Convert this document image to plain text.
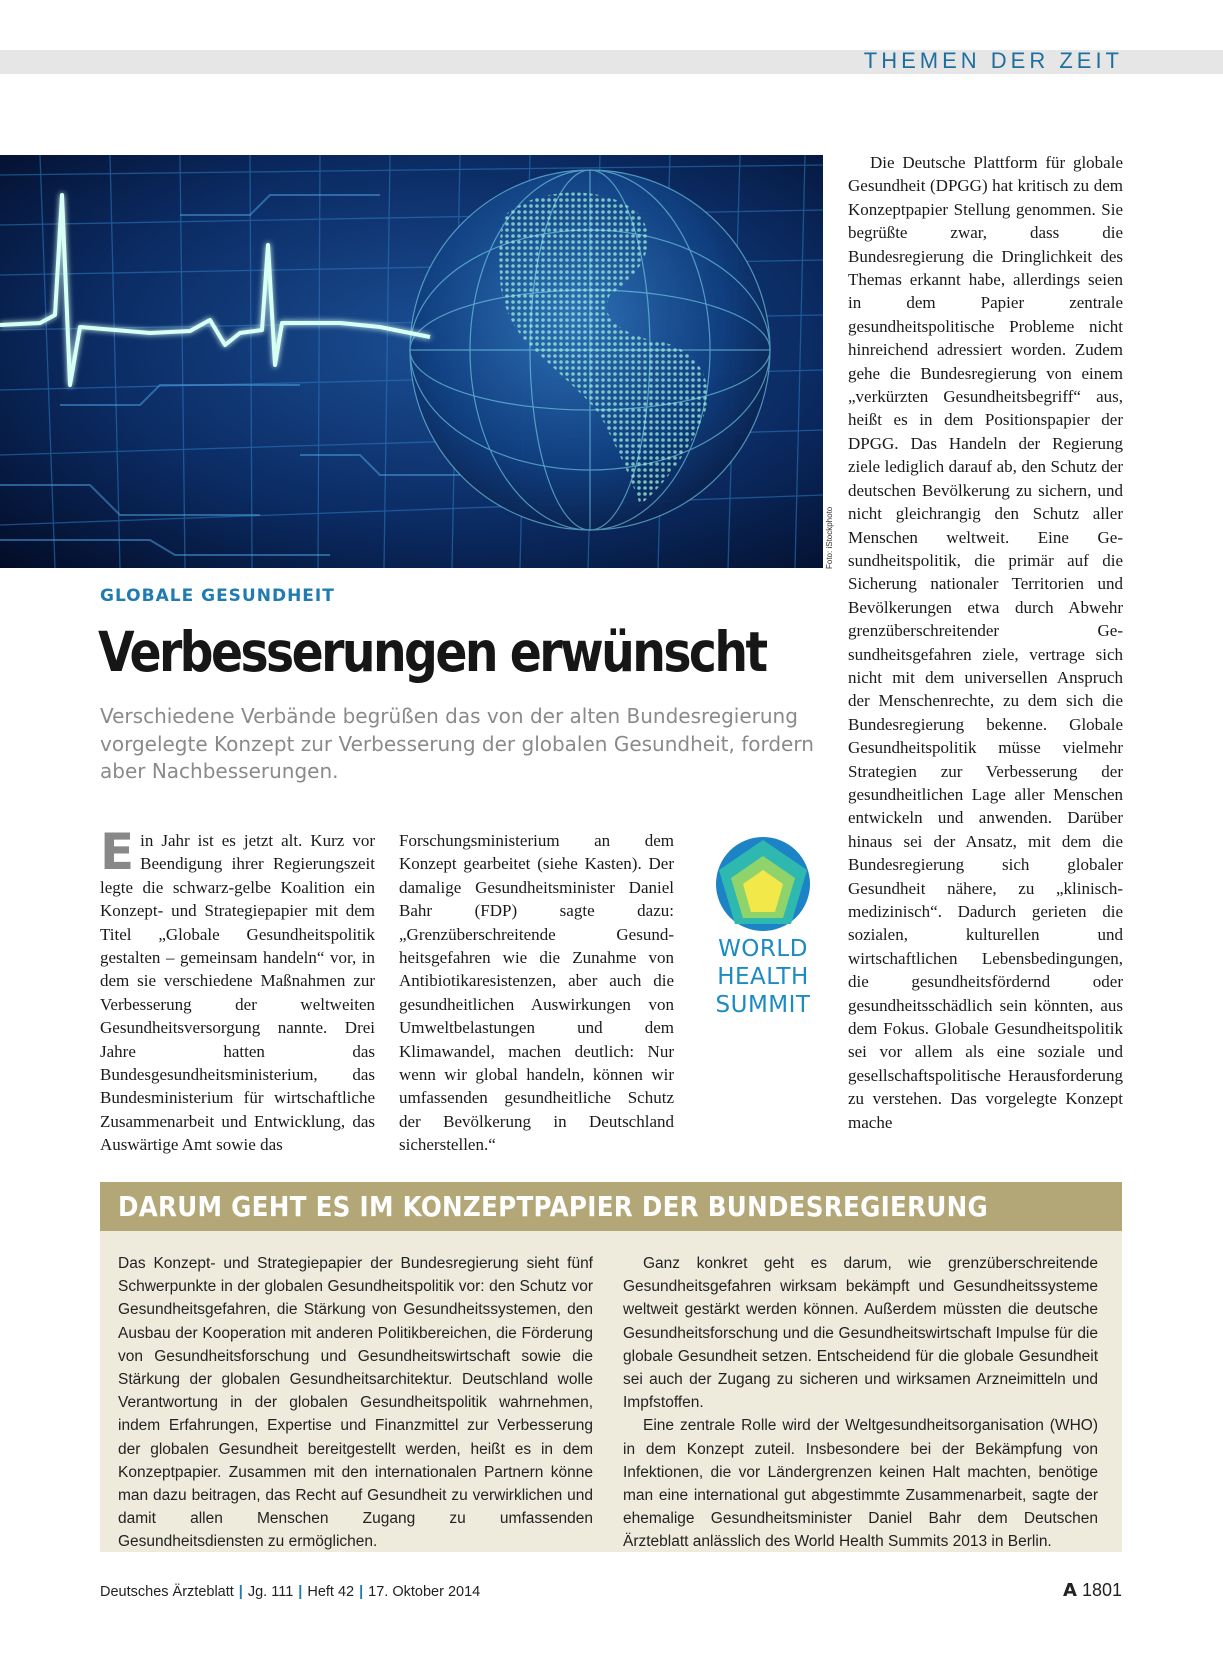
THEMEN DER ZEIT
Foto: iStockphoto
GLOBALE GESUNDHEIT
Verbesserungen erwünscht
Verschiedene Verbände begrüßen das von der alten Bundesregierung vorgelegte Konzept zur Verbesserung der globalen Gesundheit, fordern aber Nachbesserungen.
E in Jahr ist es jetzt alt. Kurz vor Beendigung ihrer Regierungszeit legte die schwarz-gelbe Koalition ein Konzept- und Strategiepapier mit dem Titel „Globale Gesundheitspolitik gestalten – gemeinsam handeln“ vor, in dem sie verschiedene Maßnahmen zur Verbesserung der weltweiten Gesundheitsversorgung nannte. Drei Jahre hatten das Bundesgesundheitsministerium, das Bundesministerium für wirtschaftliche Zusammenarbeit und Entwicklung, das Auswärtige Amt sowie das

Forschungsministerium an dem Konzept gearbeitet (siehe Kasten). Der damalige Gesundheitsminister Daniel Bahr (FDP) sagte dazu: „Grenzüberschreitende Gesundheitsgefahren wie die Zunahme von Antibiotikaresistenzen, aber auch die gesundheitlichen Auswirkungen von Umweltbelastungen und dem Klimawandel, machen deutlich: Nur wenn wir global handeln, können wir umfassenden gesundheitliche Schutz der Bevölkerung in Deutschland sicherstellen.“

WORLD
HEALTH
SUMMIT

Die Deutsche Plattform für globale Gesundheit (DPGG) hat kritisch zu dem Konzeptpapier Stellung genommen. Sie begrüßte zwar, dass die Bundesregierung die Dringlichkeit des Themas erkannt habe, allerdings seien in dem Papier zentrale gesundheitspolitische Probleme nicht hinreichend adressiert worden. Zudem gehe die Bundesregierung von einem „verkürzten Gesundheitsbegriff“ aus, heißt es in dem Positionspapier der DPGG. Das Handeln der Regierung ziele lediglich darauf ab, den Schutz der deutschen Bevölkerung zu sichern, und nicht gleichrangig den Schutz aller Menschen weltweit. Eine Gesundheitspolitik, die primär auf die Sicherung nationaler Territorien und Bevölkerungen etwa durch Abwehr grenzüberschreitender Gesundheitsgefahren ziele, vertrage sich nicht mit dem universellen Anspruch der Menschenrechte, zu dem sich die Bundesregierung bekenne. Globale Gesundheitspolitik müsse vielmehr Strategien zur Verbesserung der gesundheitlichen Lage aller Menschen entwickeln und anwenden. Darüber hinaus sei der Ansatz, mit dem die Bundesregierung sich globaler Gesundheit nähere, zu „klinisch-medizinisch“. Dadurch gerieten die sozialen, kulturellen und wirtschaftlichen Lebensbedingungen, die gesundheitsfördernd oder gesundheitsschädlich sein könnten, aus dem Fokus. Globale Gesundheitspolitik sei vor allem als eine soziale und gesellschaftspolitische Herausforderung zu verstehen. Das vorgelegte Konzept mache

DARUM GEHT ES IM KONZEPTPAPIER DER BUNDESREGIERUNG

Das Konzept- und Strategiepapier der Bundesregierung sieht fünf Schwerpunkte in der globalen Gesundheitspolitik vor: den Schutz vor Gesundheitsgefahren, die Stärkung von Gesundheitssystemen, den Ausbau der Kooperation mit anderen Politikbereichen, die Förderung von Gesundheitsforschung und Gesundheitswirtschaft sowie die Stärkung der globalen Gesundheitsarchitektur. Deutschland wolle Verantwortung in der globalen Gesundheitspolitik wahrnehmen, indem Erfahrungen, Expertise und Finanzmittel zur Verbesserung der globalen Gesundheit bereitgestellt werden, heißt es in dem Konzeptpapier. Zusammen mit den internationalen Partnern könne man dazu beitragen, das Recht auf Gesundheit zu verwirklichen und damit allen Menschen Zugang zu umfassenden Gesundheitsdiensten zu ermöglichen.

Ganz konkret geht es darum, wie grenzüberschreitende Gesundheitsgefahren wirksam bekämpft und Gesundheitssysteme weltweit gestärkt werden können. Außerdem müssten die deutsche Gesundheitsforschung und die Gesundheitswirtschaft Impulse für die globale Gesundheit setzen. Entscheidend für die globale Gesundheit sei auch der Zugang zu sicheren und wirksamen Arzneimitteln und Impfstoffen.

Eine zentrale Rolle wird der Weltgesundheitsorganisation (WHO) in dem Konzept zuteil. Insbesondere bei der Bekämpfung von Infektionen, die vor Ländergrenzen keinen Halt machten, benötige man eine international gut abgestimmte Zusammenarbeit, sagte der ehemalige Gesundheitsminister Daniel Bahr dem Deutschen Ärzteblatt anlässlich des World Health Summits 2013 in Berlin.

Deutsches Ärzteblatt | Jg. 111 | Heft 42 | 17. Oktober 2014	A 1801
